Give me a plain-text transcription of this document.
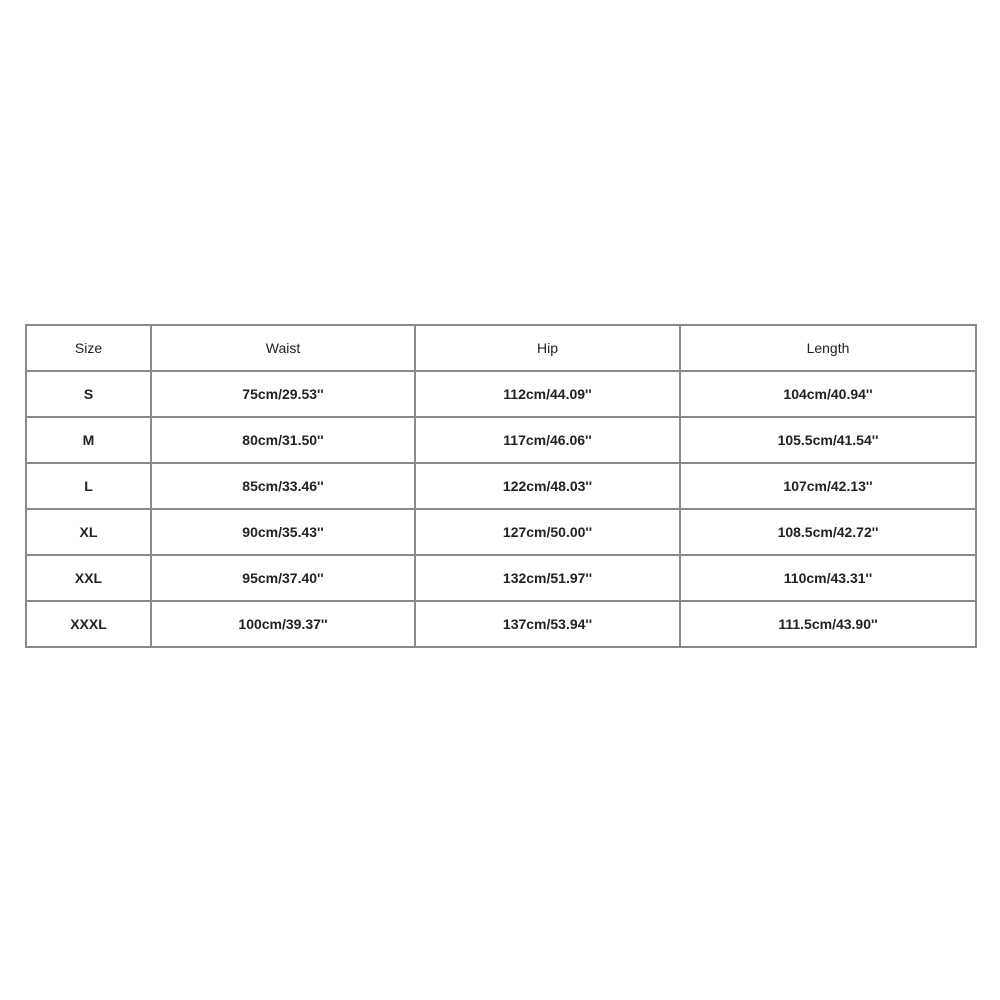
Size	Waist	Hip	Length
S	75cm/29.53''	112cm/44.09''	104cm/40.94''
M	80cm/31.50''	117cm/46.06''	105.5cm/41.54''
L	85cm/33.46''	122cm/48.03''	107cm/42.13''
XL	90cm/35.43''	127cm/50.00''	108.5cm/42.72''
XXL	95cm/37.40''	132cm/51.97''	110cm/43.31''
XXXL	100cm/39.37''	137cm/53.94''	111.5cm/43.90''
